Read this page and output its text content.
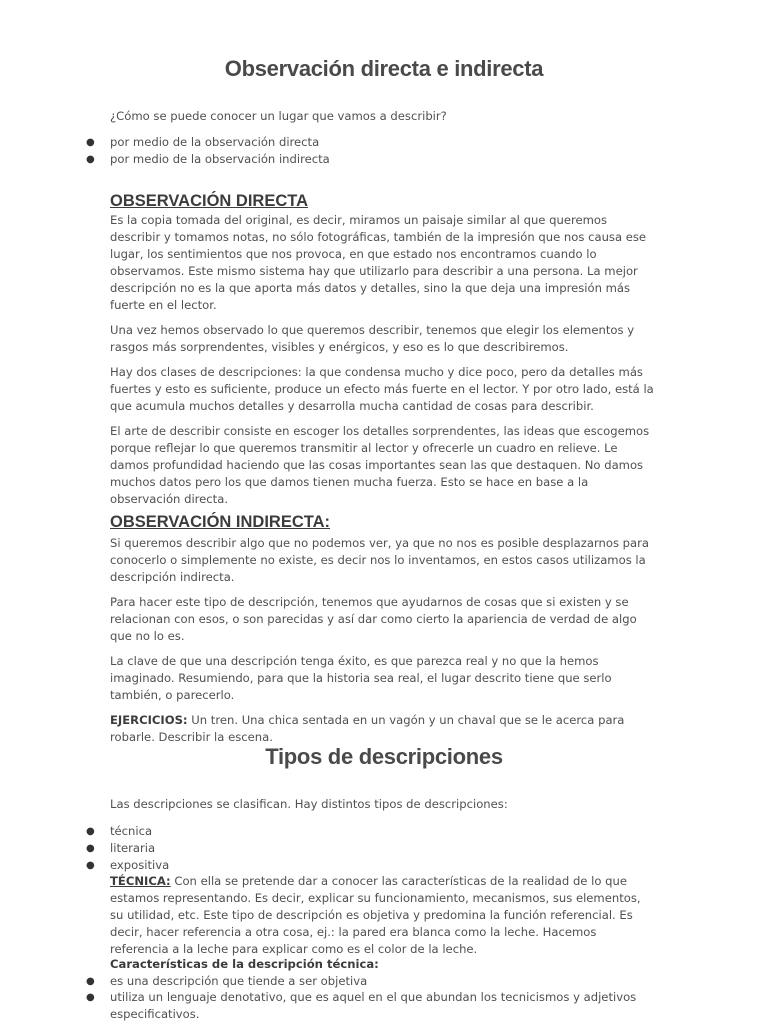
Observación directa e indirecta
¿Cómo se puede conocer un lugar que vamos a describir?
● por medio de la observación directa
● por medio de la observación indirecta
OBSERVACIÓN DIRECTA
Es la copia tomada del original, es decir, miramos un paisaje similar al que queremos describir y tomamos notas, no sólo fotográficas, también de la impresión que nos causa ese lugar, los sentimientos que nos provoca, en que estado nos encontramos cuando lo observamos. Este mismo sistema hay que utilizarlo para describir a una persona. La mejor descripción no es la que aporta más datos y detalles, sino la que deja una impresión más fuerte en el lector.
Una vez hemos observado lo que queremos describir, tenemos que elegir los elementos y rasgos más sorprendentes, visibles y enérgicos, y eso es lo que describiremos.
Hay dos clases de descripciones: la que condensa mucho y dice poco, pero da detalles más fuertes y esto es suficiente, produce un efecto más fuerte en el lector. Y por otro lado, está la que acumula muchos detalles y desarrolla mucha cantidad de cosas para describir.
El arte de describir consiste en escoger los detalles sorprendentes, las ideas que escogemos porque reflejar lo que queremos transmitir al lector y ofrecerle un cuadro en relieve. Le damos profundidad haciendo que las cosas importantes sean las que destaquen. No damos muchos datos pero los que damos tienen mucha fuerza. Esto se hace en base a la observación directa.
OBSERVACIÓN INDIRECTA:
Si queremos describir algo que no podemos ver, ya que no nos es posible desplazarnos para conocerlo o simplemente no existe, es decir nos lo inventamos, en estos casos utilizamos la descripción indirecta.
Para hacer este tipo de descripción, tenemos que ayudarnos de cosas que si existen y se relacionan con esos, o son parecidas y así dar como cierto la apariencia de verdad de algo que no lo es.
La clave de que una descripción tenga éxito, es que parezca real y no que la hemos imaginado. Resumiendo, para que la historia sea real, el lugar descrito tiene que serlo también, o parecerlo.
EJERCICIOS: Un tren. Una chica sentada en un vagón y un chaval que se le acerca para robarle. Describir la escena.
Tipos de descripciones
Las descripciones se clasifican. Hay distintos tipos de descripciones:
● técnica
● literaria
● expositiva
TÉCNICA: Con ella se pretende dar a conocer las características de la realidad de lo que estamos representando. Es decir, explicar su funcionamiento, mecanismos, sus elementos, su utilidad, etc. Este tipo de descripción es objetiva y predomina la función referencial. Es decir, hacer referencia a otra cosa, ej.: la pared era blanca como la leche. Hacemos referencia a la leche para explicar como es el color de la leche.
Características de la descripción técnica:
● es una descripción que tiende a ser objetiva
● utiliza un lenguaje denotativo, que es aquel en el que abundan los tecnicismos y adjetivos especificativos.
